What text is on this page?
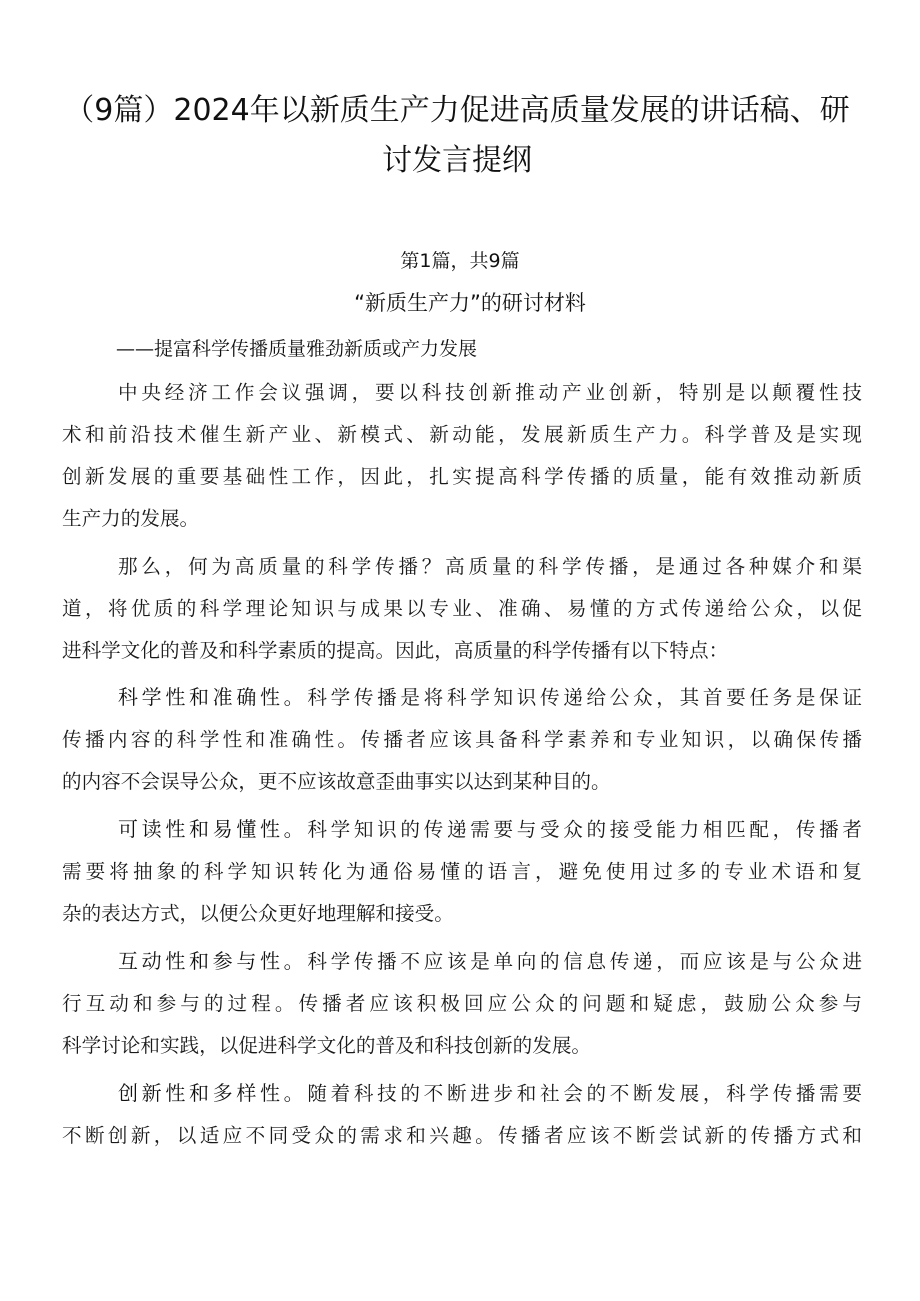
（9篇）2024年以新质生产力促进高质量发展的讲话稿、研
讨发言提纲
第1篇，共9篇
“新质生产力”的研讨材料
——提富科学传播质量雅劲新质或产力发展
中央经济工作会议强调，要以科技创新推动产业创新，特别是以颠覆性技
术和前沿技术催生新产业、新模式、新动能，发展新质生产力。科学普及是实现
创新发展的重要基础性工作，因此，扎实提高科学传播的质量，能有效推动新质
生产力的发展。
那么，何为高质量的科学传播？高质量的科学传播，是通过各种媒介和渠
道，将优质的科学理论知识与成果以专业、准确、易懂的方式传递给公众，以促
进科学文化的普及和科学素质的提高。因此，高质量的科学传播有以下特点：
科学性和准确性。科学传播是将科学知识传递给公众，其首要任务是保证
传播内容的科学性和准确性。传播者应该具备科学素养和专业知识，以确保传播
的内容不会误导公众，更不应该故意歪曲事实以达到某种目的。
可读性和易懂性。科学知识的传递需要与受众的接受能力相匹配，传播者
需要将抽象的科学知识转化为通俗易懂的语言，避免使用过多的专业术语和复
杂的表达方式，以便公众更好地理解和接受。
互动性和参与性。科学传播不应该是单向的信息传递，而应该是与公众进
行互动和参与的过程。传播者应该积极回应公众的问题和疑虑，鼓励公众参与
科学讨论和实践，以促进科学文化的普及和科技创新的发展。
创新性和多样性。随着科技的不断进步和社会的不断发展，科学传播需要
不断创新，以适应不同受众的需求和兴趣。传播者应该不断尝试新的传播方式和
